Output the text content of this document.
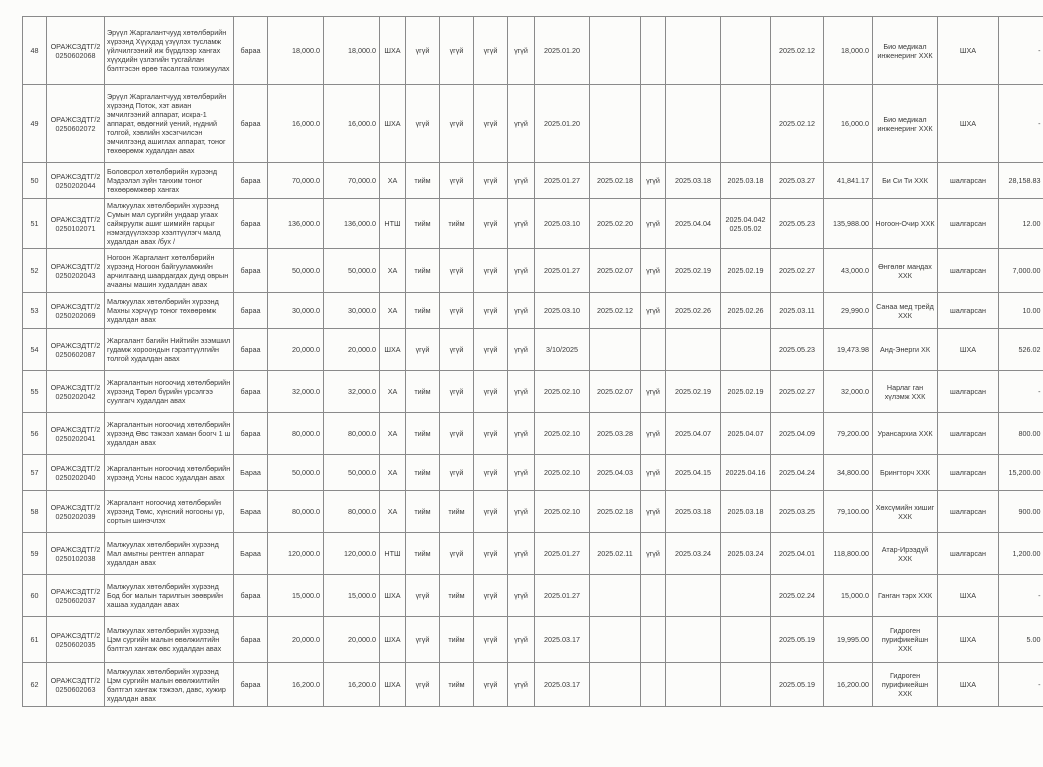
48	ОРАЖСЗДТГ/2 0250602068	Эрүүл Жаргалантчууд хөтөлбөрийн хүрээнд Хүүхдэд үзүүлэх тусламж үйлчилгээний иж бүрдлээр хангах хүүхдийн үзлэгийн тусгайлан бэлтгэсэн өрөө тасалгаа тохижуулах	бараа	18,000.0	18,000.0	ШХА	үгүй	үгүй	үгүй	үгүй	2025.01.20					2025.02.12	18,000.0	Био медикал инженеринг ХХК	ШХА	-
49	ОРАЖСЗДТГ/2 0250602072	Эрүүл Жаргалантчууд хөтөлбөрийн хүрээнд Поток, хэт авиан эмчилгээний аппарат, искра-1 аппарат, өвдөгний үений, нүдний толгой, хэвлийн хэсэгчилсэн эмчилгээнд ашиглах аппарат, тоног төхөөрөмж худалдан авах	бараа	16,000.0	16,000.0	ШХА	үгүй	үгүй	үгүй	үгүй	2025.01.20					2025.02.12	16,000.0	Био медикал инженеринг ХХК	ШХА	-
50	ОРАЖСЗДТГ/2 0250202044	Боловсрол хөтөлбөрийн хүрээнд Мэдээлэл зүйн танхим тоног төхөөрөмжөөр хангах	бараа	70,000.0	70,000.0	ХА	тийм	үгүй	үгүй	үгүй	2025.01.27	2025.02.18	үгүй	2025.03.18	2025.03.18	2025.03.27	41,841.17	Би Си Ти ХХК	шалгарсан	28,158.83
51	ОРАЖСЗДТГ/2 0250102071	Малжуулах хөтөлбөрийн хүрээнд Сумын мал сургийн ундаар угаах сайжруулж ашиг шимийн гарцыг нэмэгдүүлэхээр хээлтүүлэгч малд худалдан авах /бух /	бараа	136,000.0	136,000.0	НТШ	тийм	тийм	үгүй	үгүй	2025.03.10	2025.02.20	үгүй	2025.04.04	2025.04.042 025.05.02	2025.05.23	135,988.00	Ногоон-Очир ХХК	шалгарсан	12.00
52	ОРАЖСЗДТГ/2 0250202043	Ногоон Жаргалант хөтөлбөрийн хүрээнд Ногоон байгууламжийн арчилгаанд шаардагдах дунд оврын ачааны машин худалдан авах	бараа	50,000.0	50,000.0	ХА	тийм	үгүй	үгүй	үгүй	2025.01.27	2025.02.07	үгүй	2025.02.19	2025.02.19	2025.02.27	43,000.0	Өнгөлөг мандах ХХК	шалгарсан	7,000.00
53	ОРАЖСЗДТГ/2 0250202069	Малжуулах хөтөлбөрийн хүрээнд Махны хэрчүүр тоног төхөөрөмж худалдан авах	бараа	30,000.0	30,000.0	ХА	тийм	үгүй	үгүй	үгүй	2025.03.10	2025.02.12	үгүй	2025.02.26	2025.02.26	2025.03.11	29,990.0	Санаа мед трейд ХХК	шалгарсан	10.00
54	ОРАЖСЗДТГ/2 0250602087	Жаргалант багийн Нийтийн эзэмшил гудамж хороондын гэрэлтүүлгийн толгой худалдан авах	бараа	20,000.0	20,000.0	ШХА	үгүй	үгүй	үгүй	үгүй	3/10/2025					2025.05.23	19,473.98	Анд-Энерги ХК	ШХА	526.02
55	ОРАЖСЗДТГ/2 0250202042	Жаргалантын ногоочид хөтөлбөрийн хүрээнд Төрөл бүрийн үрсэлгээ суулгагч худалдан авах	бараа	32,000.0	32,000.0	ХА	тийм	үгүй	үгүй	үгүй	2025.02.10	2025.02.07	үгүй	2025.02.19	2025.02.19	2025.02.27	32,000.0	Нарлаг ган хүлэмж ХХК	шалгарсан	-
56	ОРАЖСЗДТГ/2 0250202041	Жаргалантын ногоочид хөтөлбөрийн хүрээнд Өвс тэжээл хаман боогч 1 ш худалдан авах	бараа	80,000.0	80,000.0	ХА	тийм	үгүй	үгүй	үгүй	2025.02.10	2025.03.28	үгүй	2025.04.07	2025.04.07	2025.04.09	79,200.00	Урансархиа ХХК	шалгарсан	800.00
57	ОРАЖСЗДТГ/2 0250202040	Жаргалантын ногоочид хөтөлбөрийн хүрээнд Усны насос худалдан авах	Бараа	50,000.0	50,000.0	ХА	тийм	үгүй	үгүй	үгүй	2025.02.10	2025.04.03	үгүй	2025.04.15	20225.04.16	2025.04.24	34,800.00	Брингторч ХХК	шалгарсан	15,200.00
58	ОРАЖСЗДТГ/2 0250202039	Жаргалант ногоочид хөтөлбөрийн хүрээнд Төмс, хүнсний ногооны үр, сортын шинэчлэх	Бараа	80,000.0	80,000.0	ХА	тийм	тийм	үгүй	үгүй	2025.02.10	2025.02.18	үгүй	2025.03.18	2025.03.18	2025.03.25	79,100.00	Хөхсүмийн хишиг ХХК	шалгарсан	900.00
59	ОРАЖСЗДТГ/2 0250102038	Малжуулах хөтөлбөрийн хүрээнд Мал амьтны рентген аппарат худалдан авах	Бараа	120,000.0	120,000.0	НТШ	тийм	үгүй	үгүй	үгүй	2025.01.27	2025.02.11	үгүй	2025.03.24	2025.03.24	2025.04.01	118,800.00	Атар-Ирээдүй ХХК	шалгарсан	1,200.00
60	ОРАЖСЗДТГ/2 0250602037	Малжуулах хөтөлбөрийн хүрээнд Бод бог малын тарилгын зөөврийн хашаа худалдан авах	бараа	15,000.0	15,000.0	ШХА	үгүй	тийм	үгүй	үгүй	2025.01.27					2025.02.24	15,000.0	Ганган тэрх ХХК	ШХА	-
61	ОРАЖСЗДТГ/2 0250602035	Малжуулах хөтөлбөрийн хүрээнд Цэм сургийн малын өвөлжилтийн бэлтгэл хангаж өвс худалдан авах	бараа	20,000.0	20,000.0	ШХА	үгүй	тийм	үгүй	үгүй	2025.03.17					2025.05.19	19,995.00	Гидроген пурификейшн ХХК	ШХА	5.00
62	ОРАЖСЗДТГ/2 0250602063	Малжуулах хөтөлбөрийн хүрээнд Цэм сургийн малын өвөлжилтийн бэлтгэл хангаж тэжээл, давс, хужир худалдан авах	бараа	16,200.0	16,200.0	ШХА	үгүй	тийм	үгүй	үгүй	2025.03.17					2025.05.19	16,200.00	Гидроген пурификейшн ХХК	ШХА	-
